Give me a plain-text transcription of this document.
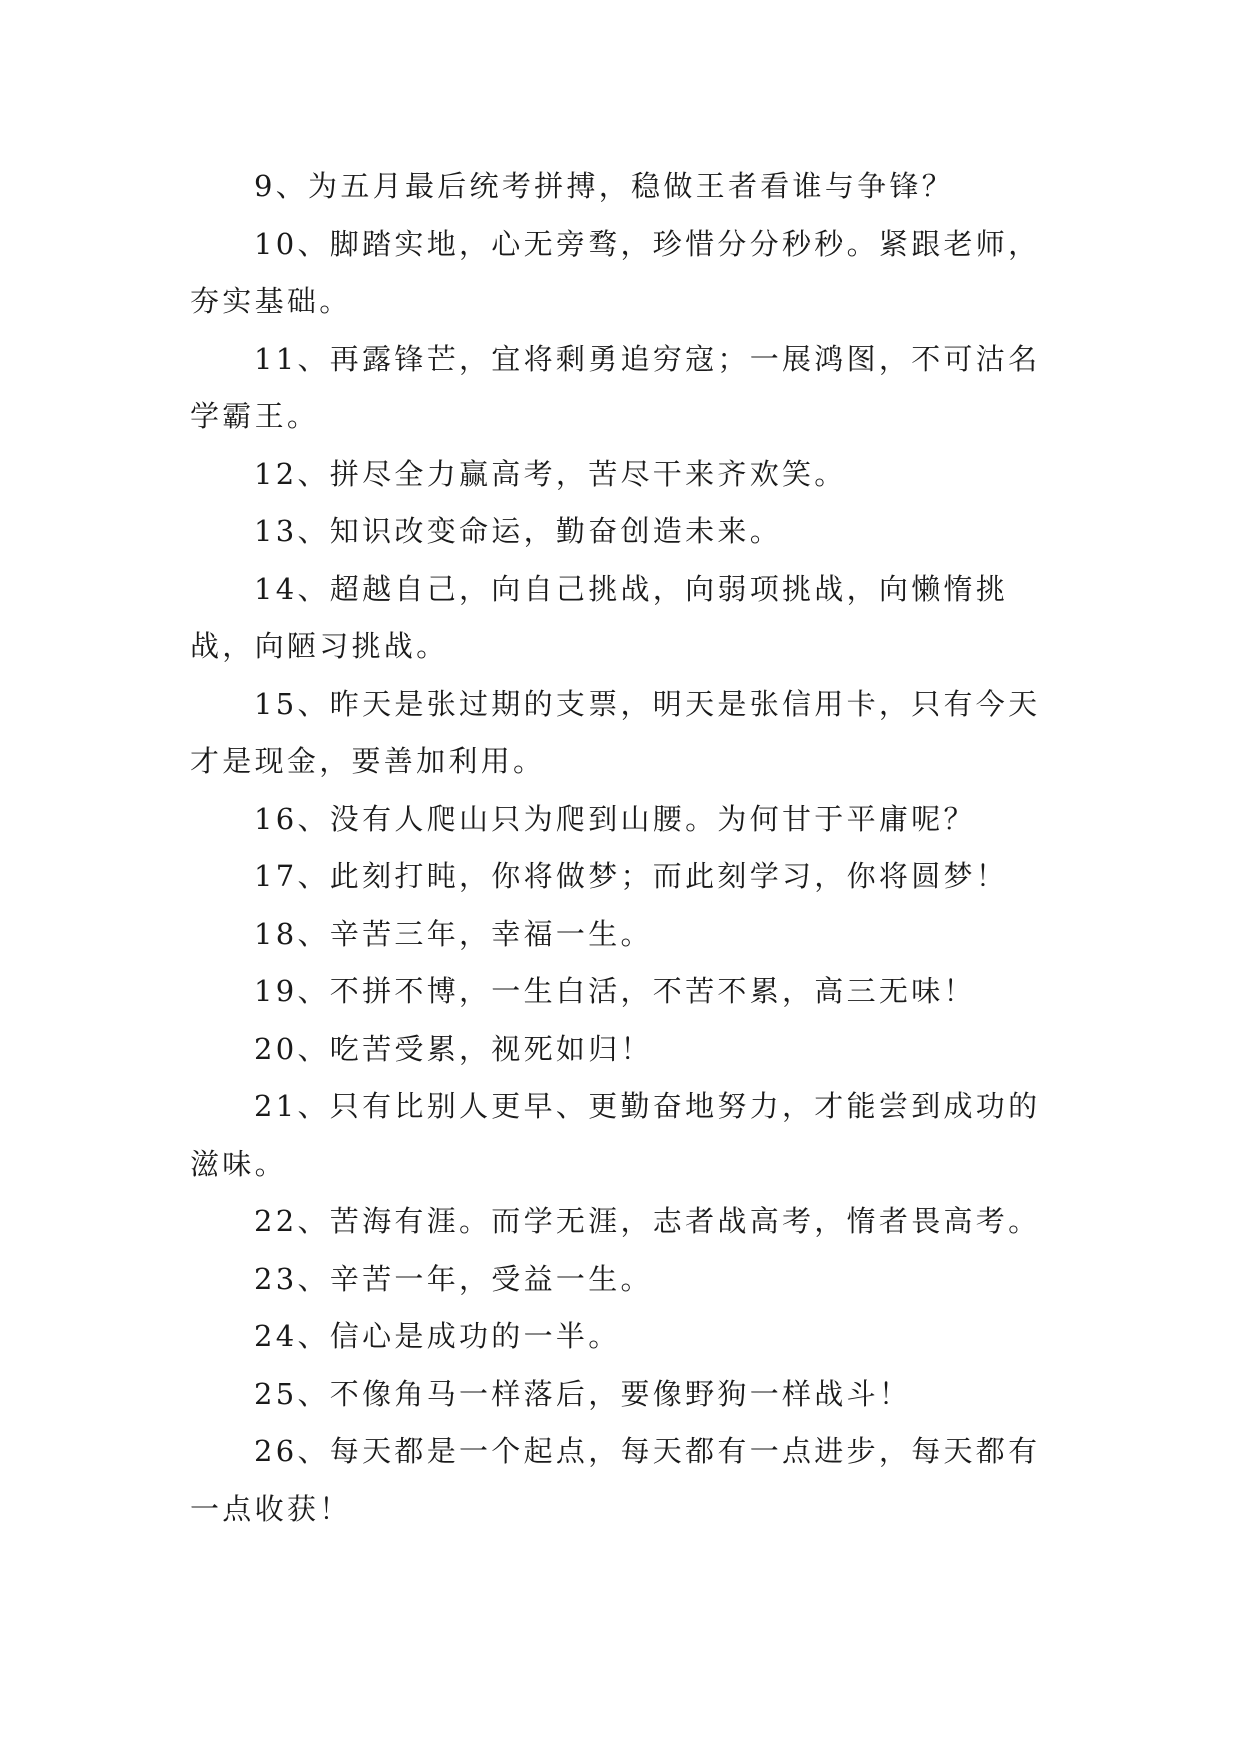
9、为五月最后统考拼搏，稳做王者看谁与争锋？

10、脚踏实地，心无旁骛，珍惜分分秒秒。紧跟老师，夯实基础。

11、再露锋芒，宜将剩勇追穷寇；一展鸿图，不可沽名学霸王。

12、拼尽全力赢高考，苦尽干来齐欢笑。

13、知识改变命运，勤奋创造未来。

14、超越自己，向自己挑战，向弱项挑战，向懒惰挑战，向陋习挑战。

15、昨天是张过期的支票，明天是张信用卡，只有今天才是现金，要善加利用。

16、没有人爬山只为爬到山腰。为何甘于平庸呢？

17、此刻打盹，你将做梦；而此刻学习，你将圆梦！

18、辛苦三年，幸福一生。

19、不拼不博，一生白活，不苦不累，高三无味！

20、吃苦受累，视死如归！

21、只有比别人更早、更勤奋地努力，才能尝到成功的滋味。

22、苦海有涯。而学无涯，志者战高考，惰者畏高考。

23、辛苦一年，受益一生。

24、信心是成功的一半。

25、不像角马一样落后，要像野狗一样战斗！

26、每天都是一个起点，每天都有一点进步，每天都有一点收获！
